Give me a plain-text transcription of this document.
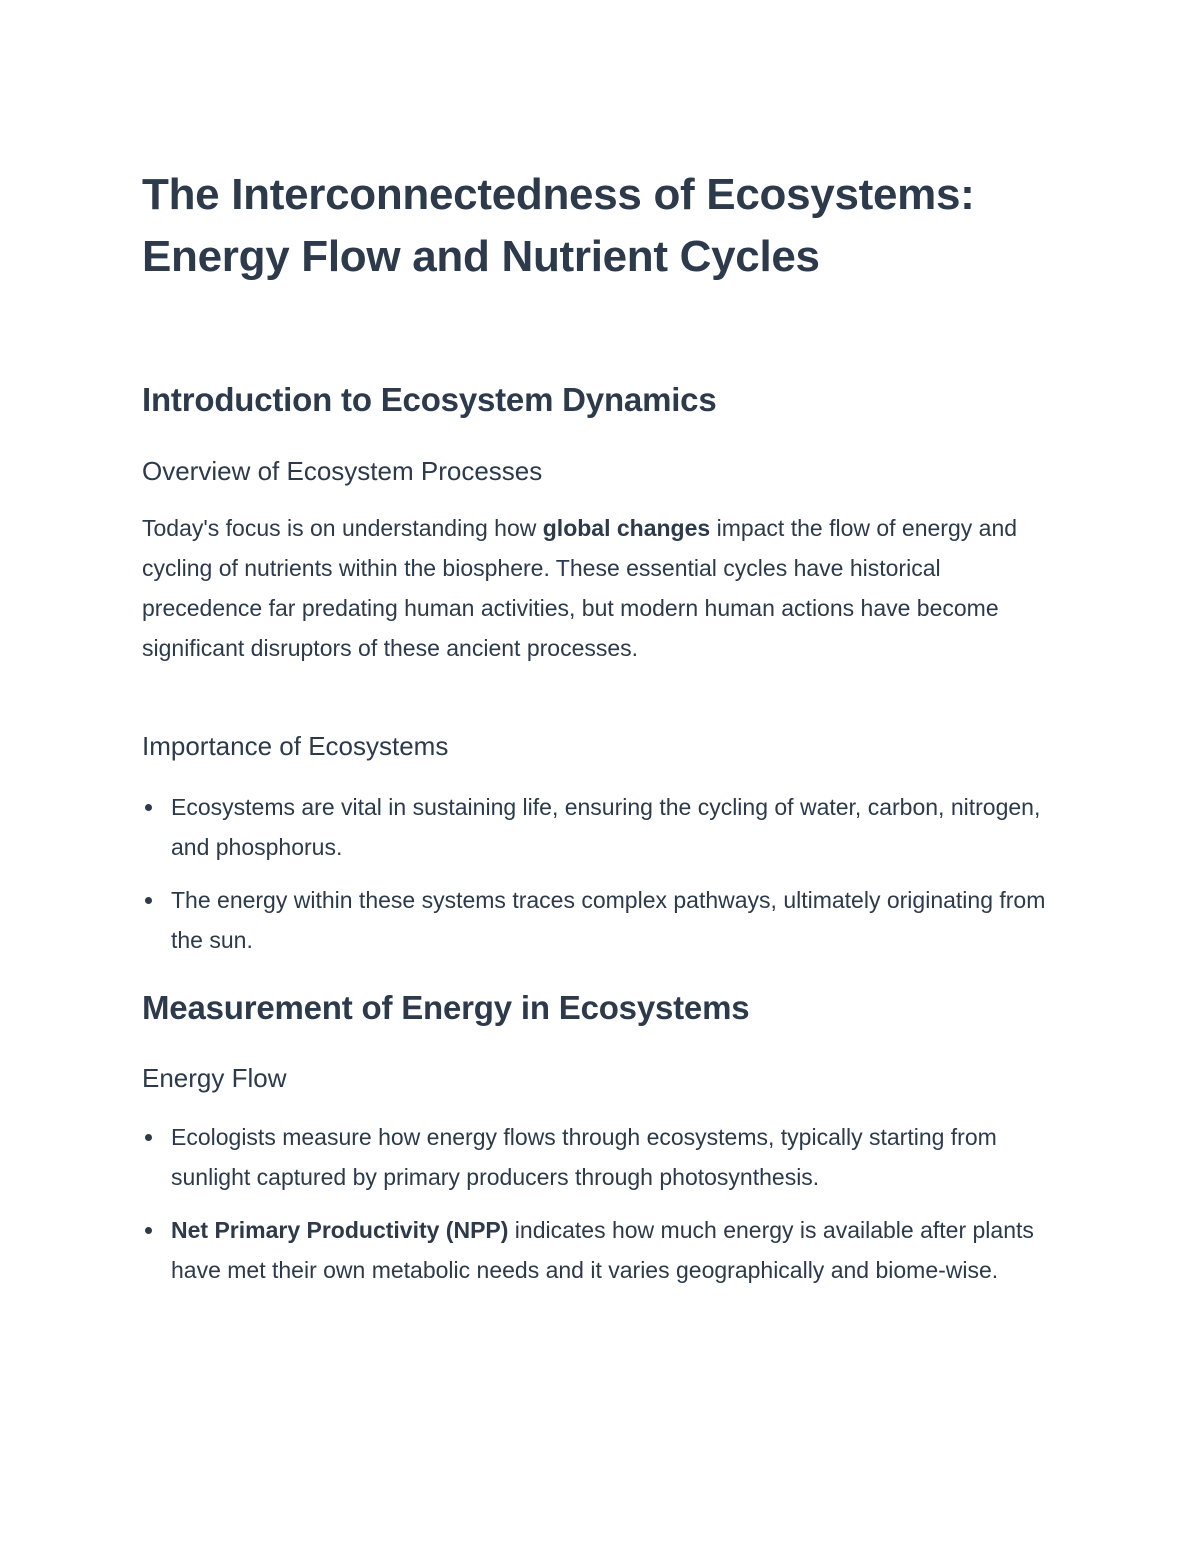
The Interconnectedness of Ecosystems: Energy Flow and Nutrient Cycles
Introduction to Ecosystem Dynamics
Overview of Ecosystem Processes

Today's focus is on understanding how global changes impact the flow of energy and cycling of nutrients within the biosphere. These essential cycles have historical precedence far predating human activities, but modern human actions have become significant disruptors of these ancient processes.

Importance of Ecosystems
Ecosystems are vital in sustaining life, ensuring the cycling of water, carbon, nitrogen, and phosphorus.
The energy within these systems traces complex pathways, ultimately originating from the sun.
Measurement of Energy in Ecosystems
Energy Flow
Ecologists measure how energy flows through ecosystems, typically starting from sunlight captured by primary producers through photosynthesis.
Net Primary Productivity (NPP) indicates how much energy is available after plants have met their own metabolic needs and it varies geographically and biome-wise.
